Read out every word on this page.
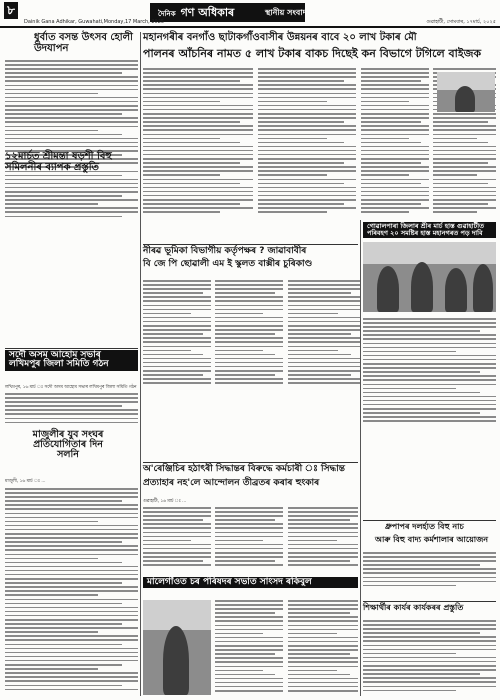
৮	দৈনিক গণ অধিকাৰ	স্থানীয় সংবাদ
Dainik Gana Adhikar, Guwahati,Monday,17 March, 2025	গুৱাহাটী, সোমবাৰ, ১৭মাৰ্চ, ২০২৫
ধুৰ্বাত বসন্ত উৎসব হোলী উদযাপন
মহানগৰীৰ বনগাঁও ছাটাকৰ্গাঁওবাসীৰ উন্নয়নৰ বাবে ২০ লাখ টকাৰ মৌ
পালনৰ আঁচনিৰ নামত ৫ লাখ টকাৰ বাকচ দিছেই কন বিভাগে টগিলে বাইজক
১২মাৰ্চত শ্ৰীমন্তা ষড়শী বিহু সমিলনীৰ ব্যাপক প্ৰস্তুতি
নীৰৱ ভূমিকা বিভাগীয় কৰ্তৃপক্ষৰ ? জাৱাবাবীৰ
বি জে পি ছোৱালী এম ই স্কুলত বাক্সীৰ চুৰিকাণ্ড
গোৱালপাৰা জিলাৰ শ্ৰীৰ মাৰ্চ হাস্ত গুৱাহাটীত পৰিবহণ ২০ সমষ্টিৰ হাস্ত মহানগৰত পড় দাবি
সদৌ অসম আহোম সভাৰ লখিমপুৰ জিলা সমিতি গঠন
লখিমপুৰ, ১৬ মাৰ্চ ঃ সদৌ অসম আহোম সভাৰ লখিমপুৰ জিলা সমিতি গঠন
মাজুলীৰ যুব সংঘৰ প্ৰতিযোগিতাৰ দিন সলনি
মাজুলী, ১৬ মাৰ্চ ঃ ...
অ'ৰেঞ্জিচিৰ হঠাৎৰী সিদ্ধান্তৰ বিৰুদ্ধে কৰ্মচাৰী ঃ সিদ্ধান্ত
প্ৰত্যাহাৰ নহ'লে আন্দোলন তীব্ৰতৰ কৰাৰ হুংকাৰ
গুৱাহাটী, ১৬ মাৰ্চ ঃ ...
ধ্ৰুপাপৰ দলৰ্হাত বিহু নাচ
আৰু বিহু বাদ্য কৰ্মশালাৰ আয়োজন
শিক্ষাৰ্থীৰ কাৰ্যৰ কাৰ্যকৰৰ প্ৰস্তুতি
মালেগাঁওত চৰ পৰিষদৰ সভাত সাংসদ ৰকিবুল
